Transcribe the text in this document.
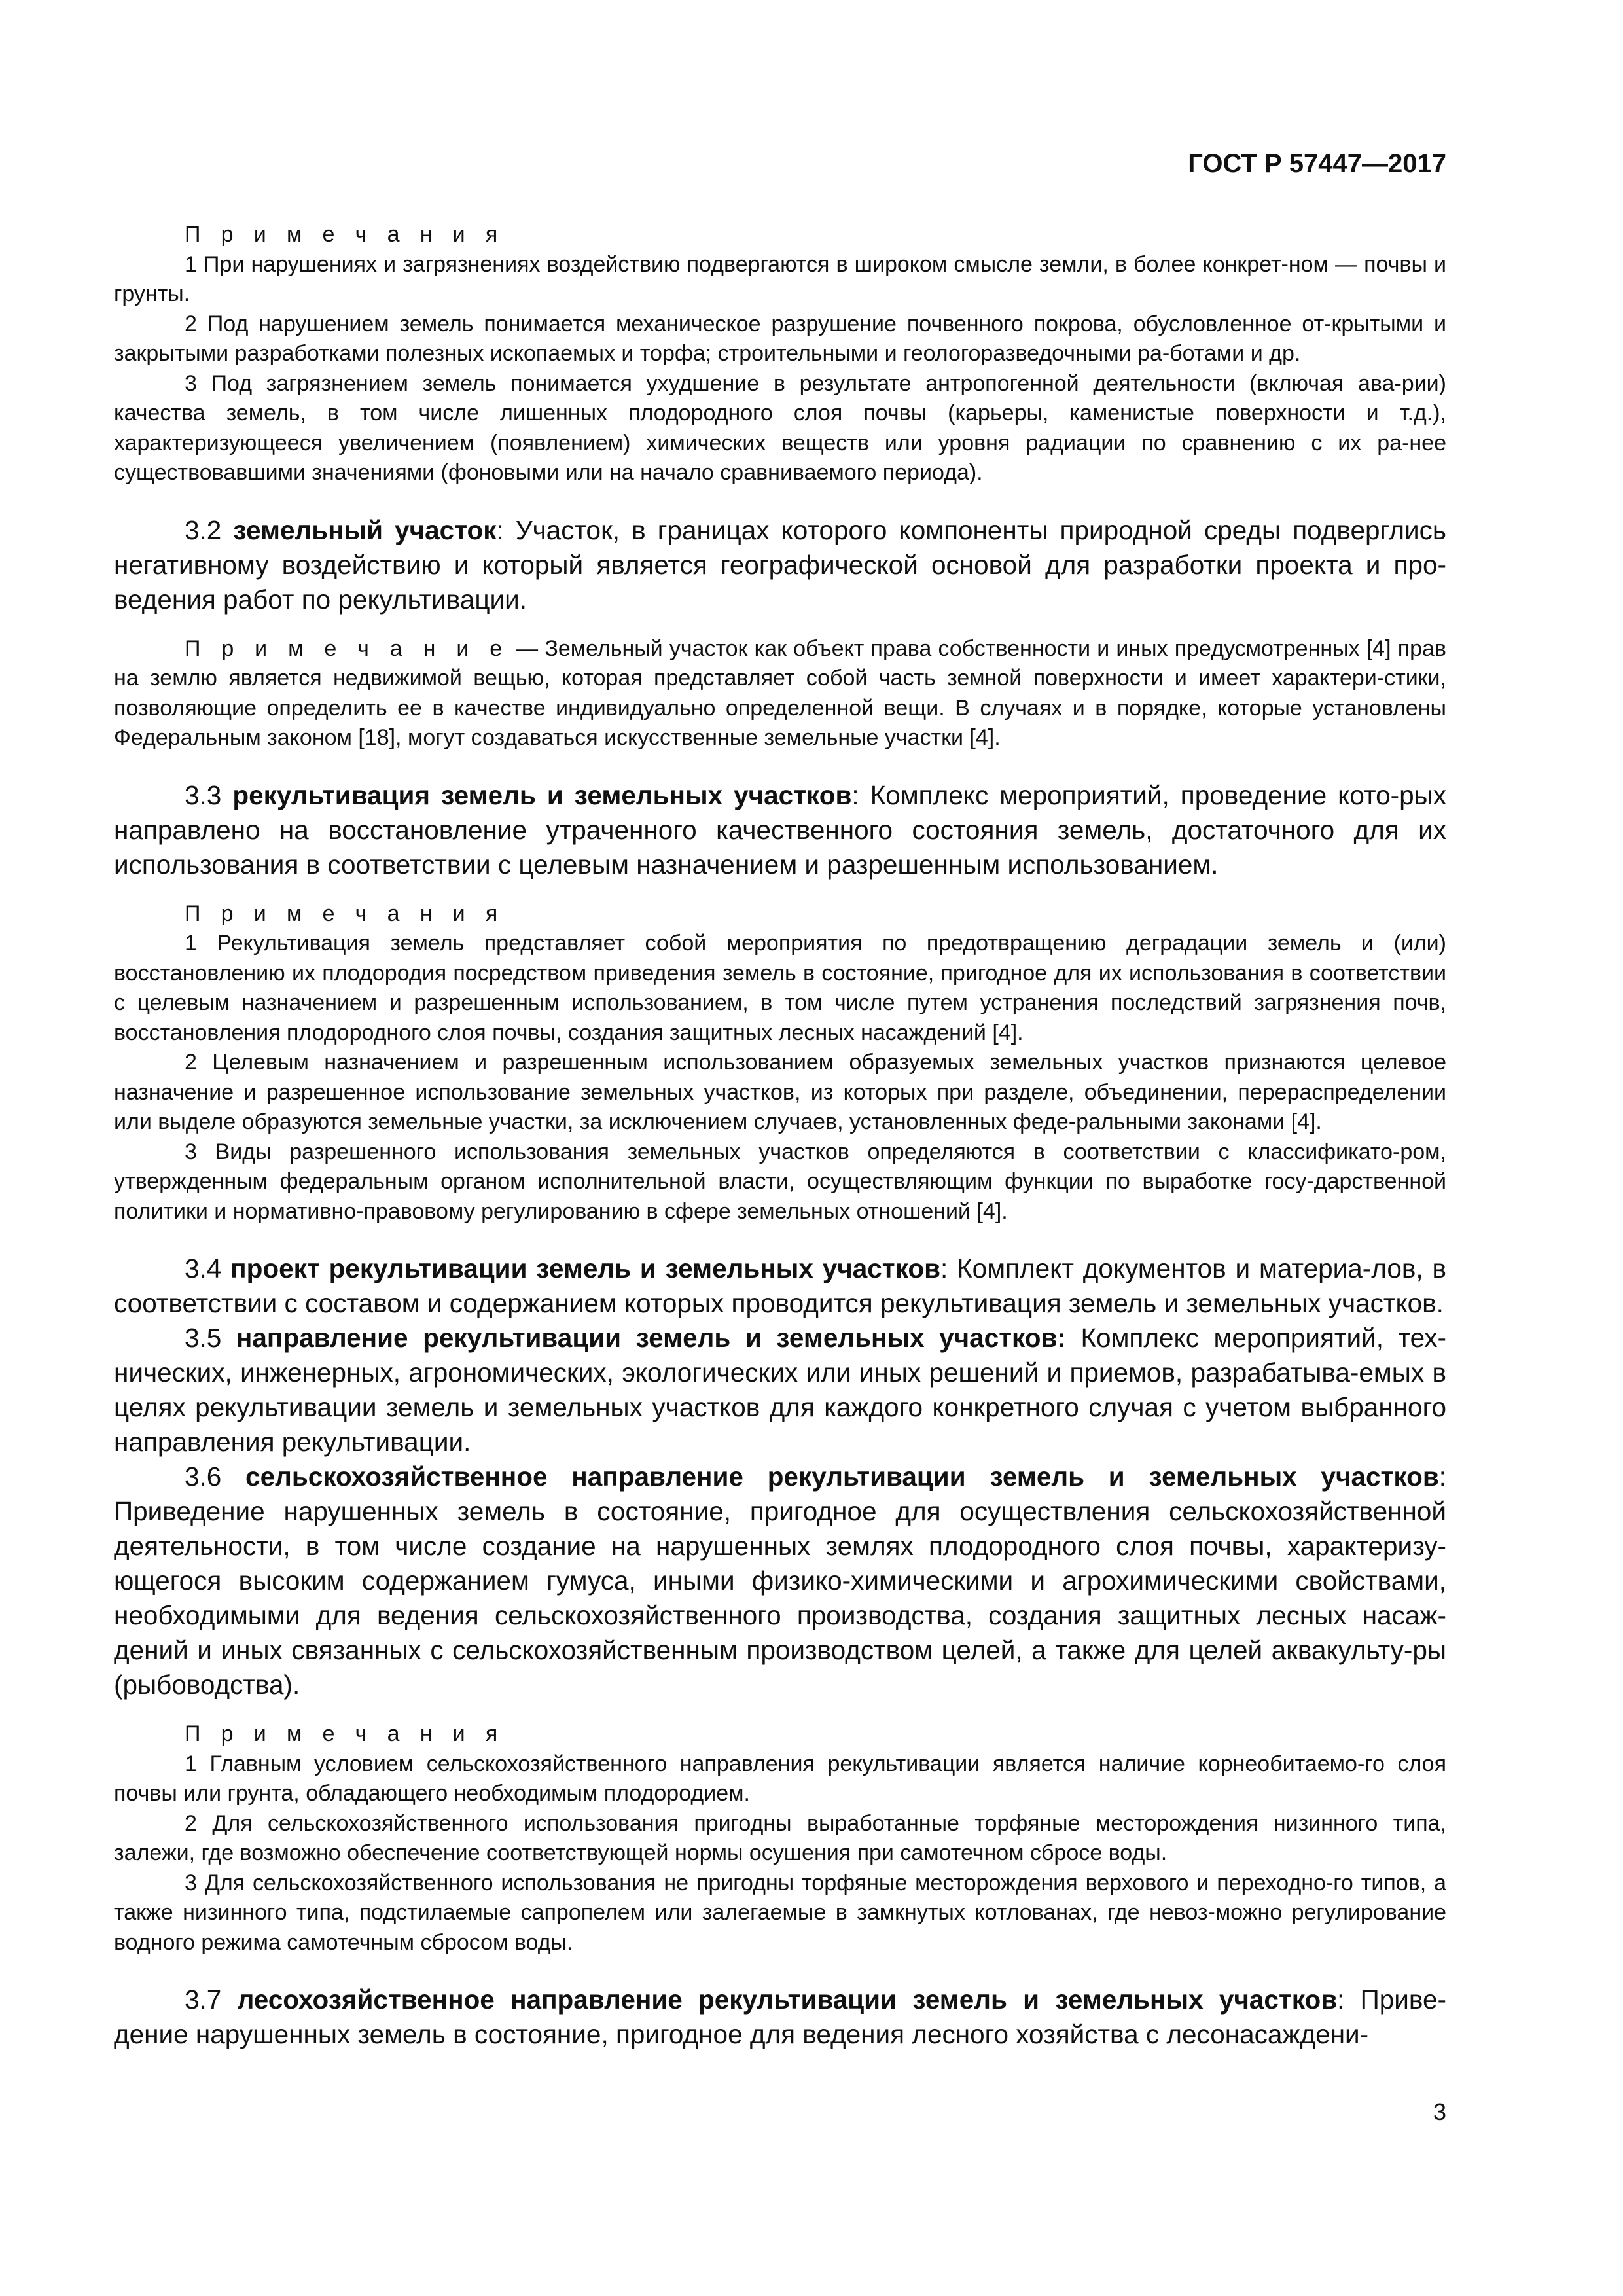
ГОСТ Р 57447—2017
П р и м е ч а н и я
1 При нарушениях и загрязнениях воздействию подвергаются в широком смысле земли, в более конкрет-ном — почвы и грунты.
2 Под нарушением земель понимается механическое разрушение почвенного покрова, обусловленное от-крытыми и закрытыми разработками полезных ископаемых и торфа; строительными и геологоразведочными ра-ботами и др.
3 Под загрязнением земель понимается ухудшение в результате антропогенной деятельности (включая ава-рии) качества земель, в том числе лишенных плодородного слоя почвы (карьеры, каменистые поверхности и т.д.), характеризующееся увеличением (появлением) химических веществ или уровня радиации по сравнению с их ра-нее существовавшими значениями (фоновыми или на начало сравниваемого периода).
3.2 земельный участок: Участок, в границах которого компоненты природной среды подверглись негативному воздействию и который является географической основой для разработки проекта и про-ведения работ по рекультивации.
П р и м е ч а н и е — Земельный участок как объект права собственности и иных предусмотренных [4] прав на землю является недвижимой вещью, которая представляет собой часть земной поверхности и имеет характери-стики, позволяющие определить ее в качестве индивидуально определенной вещи. В случаях и в порядке, которые установлены Федеральным законом [18], могут создаваться искусственные земельные участки [4].
3.3 рекультивация земель и земельных участков: Комплекс мероприятий, проведение кото-рых направлено на восстановление утраченного качественного состояния земель, достаточного для их использования в соответствии с целевым назначением и разрешенным использованием.
П р и м е ч а н и я
1 Рекультивация земель представляет собой мероприятия по предотвращению деградации земель и (или) восстановлению их плодородия посредством приведения земель в состояние, пригодное для их использования в соответствии с целевым назначением и разрешенным использованием, в том числе путем устранения последствий загрязнения почв, восстановления плодородного слоя почвы, создания защитных лесных насаждений [4].
2 Целевым назначением и разрешенным использованием образуемых земельных участков признаются целевое назначение и разрешенное использование земельных участков, из которых при разделе, объединении, перераспределении или выделе образуются земельные участки, за исключением случаев, установленных феде-ральными законами [4].
3 Виды разрешенного использования земельных участков определяются в соответствии с классификато-ром, утвержденным федеральным органом исполнительной власти, осуществляющим функции по выработке госу-дарственной политики и нормативно-правовому регулированию в сфере земельных отношений [4].
3.4 проект рекультивации земель и земельных участков: Комплект документов и материа-лов, в соответствии с составом и содержанием которых проводится рекультивация земель и земельных участков.
3.5 направление рекультивации земель и земельных участков: Комплекс мероприятий, тех-нических, инженерных, агрономических, экологических или иных решений и приемов, разрабатыва-емых в целях рекультивации земель и земельных участков для каждого конкретного случая с учетом выбранного направления рекультивации.
3.6 сельскохозяйственное направление рекультивации земель и земельных участков: Приведение нарушенных земель в состояние, пригодное для осуществления сельскохозяйственной деятельности, в том числе создание на нарушенных землях плодородного слоя почвы, характеризу-ющегося высоким содержанием гумуса, иными физико-химическими и агрохимическими свойствами, необходимыми для ведения сельскохозяйственного производства, создания защитных лесных насаж-дений и иных связанных с сельскохозяйственным производством целей, а также для целей аквакульту-ры (рыбоводства).
П р и м е ч а н и я
1 Главным условием сельскохозяйственного направления рекультивации является наличие корнеобитаемо-го слоя почвы или грунта, обладающего необходимым плодородием.
2 Для сельскохозяйственного использования пригодны выработанные торфяные месторождения низинного типа, залежи, где возможно обеспечение соответствующей нормы осушения при самотечном сбросе воды.
3 Для сельскохозяйственного использования не пригодны торфяные месторождения верхового и переходно-го типов, а также низинного типа, подстилаемые сапропелем или залегаемые в замкнутых котлованах, где невоз-можно регулирование водного режима самотечным сбросом воды.
3.7 лесохозяйственное направление рекультивации земель и земельных участков: Приве-дение нарушенных земель в состояние, пригодное для ведения лесного хозяйства с лесонасаждени-
3
